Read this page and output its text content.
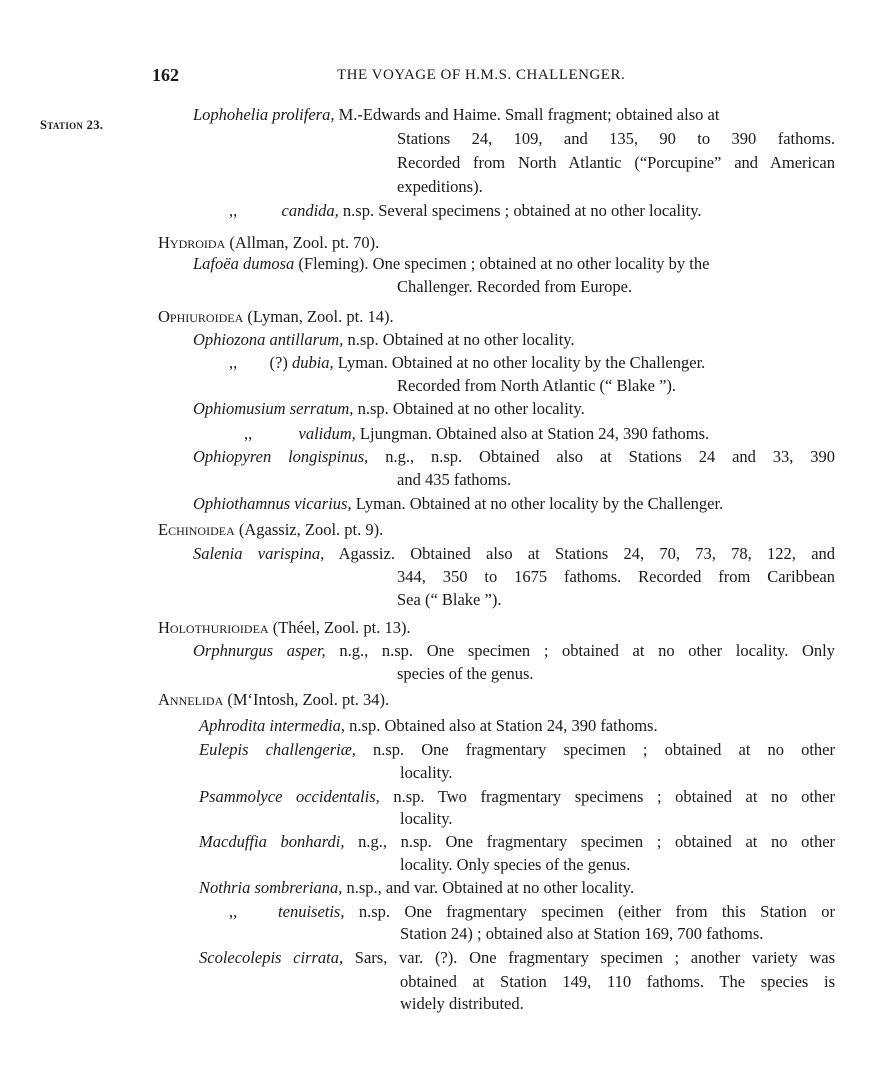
162	THE VOYAGE OF H.M.S. CHALLENGER.
Station 23.
Lophohelia prolifera, M.-Edwards and Haime. Small fragment; obtained also at
Stations 24, 109, and 135, 90 to 390 fathoms.
Recorded from North Atlantic (“Porcupine” and American
expeditions).
,,	candida, n.sp. Several specimens ; obtained at no other locality.
Hydroida (Allman, Zool. pt. 70).
Lafoëa dumosa (Fleming). One specimen ; obtained at no other locality by the
Challenger. Recorded from Europe.
Ophiuroidea (Lyman, Zool. pt. 14).
Ophiozona antillarum, n.sp. Obtained at no other locality.
,, (?) dubia, Lyman. Obtained at no other locality by the Challenger.
Recorded from North Atlantic (“ Blake ”).
Ophiomusium serratum, n.sp. Obtained at no other locality.
,,	validum, Ljungman. Obtained also at Station 24, 390 fathoms.
Ophiopyren longispinus, n.g., n.sp. Obtained also at Stations 24 and 33, 390
and 435 fathoms.
Ophiothamnus vicarius, Lyman. Obtained at no other locality by the Challenger.
Echinoidea (Agassiz, Zool. pt. 9).
Salenia varispina, Agassiz. Obtained also at Stations 24, 70, 73, 78, 122, and
344, 350 to 1675 fathoms. Recorded from Caribbean
Sea (“ Blake ”).
Holothurioidea (Théel, Zool. pt. 13).
Orphnurgus asper, n.g., n.sp. One specimen ; obtained at no other locality. Only
species of the genus.
Annelida (M‘Intosh, Zool. pt. 34).
Aphrodita intermedia, n.sp. Obtained also at Station 24, 390 fathoms.
Eulepis challengeriæ, n.sp. One fragmentary specimen ; obtained at no other
locality.
Psammolyce occidentalis, n.sp. Two fragmentary specimens ; obtained at no other
locality.
Macduffia bonhardi, n.g., n.sp. One fragmentary specimen ; obtained at no other
locality. Only species of the genus.
Nothria sombreriana, n.sp., and var. Obtained at no other locality.
,, tenuisetis, n.sp. One fragmentary specimen (either from this Station or
Station 24) ; obtained also at Station 169, 700 fathoms.
Scolecolepis cirrata, Sars, var. (?). One fragmentary specimen ; another variety was
obtained at Station 149, 110 fathoms. The species is
widely distributed.
